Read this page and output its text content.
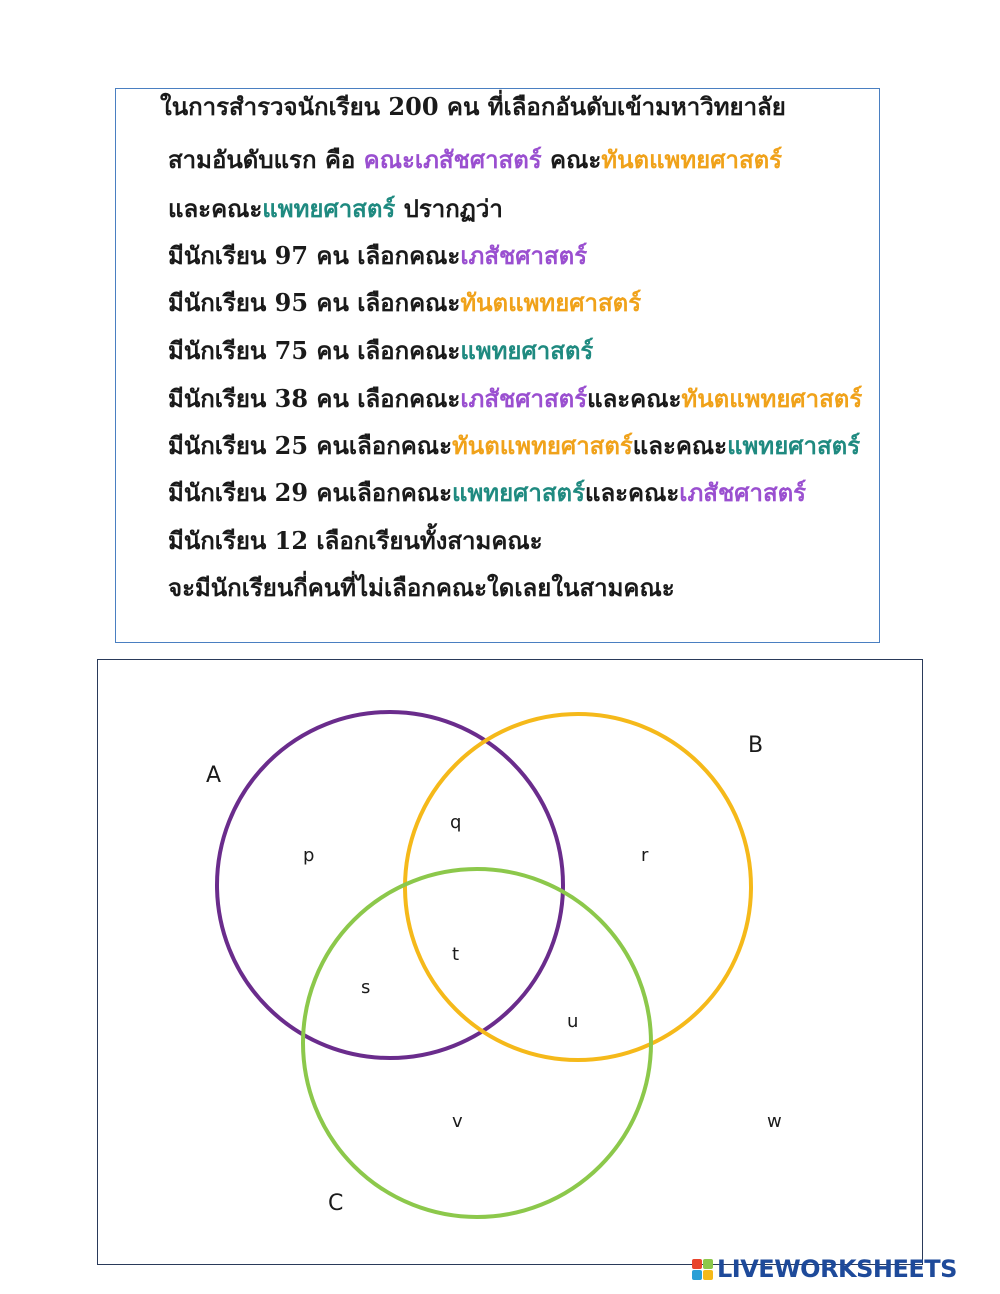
ในการสำรวจนักเรียน 200 คน ที่เลือกอันดับเข้ามหาวิทยาลัย
สามอันดับแรก คือ คณะเภสัชศาสตร์ คณะทันตแพทยศาสตร์
และคณะแพทยศาสตร์ ปรากฏว่า
มีนักเรียน 97 คน เลือกคณะเภสัชศาสตร์
มีนักเรียน 95 คน เลือกคณะทันตแพทยศาสตร์
มีนักเรียน 75 คน เลือกคณะแพทยศาสตร์
มีนักเรียน 38 คน เลือกคณะเภสัชศาสตร์และคณะทันตแพทยศาสตร์
มีนักเรียน 25 คนเลือกคณะทันตแพทยศาสตร์และคณะแพทยศาสตร์
มีนักเรียน 29 คนเลือกคณะแพทยศาสตร์และคณะเภสัชศาสตร์
มีนักเรียน 12 เลือกเรียนทั้งสามคณะ
จะมีนักเรียนกี่คนที่ไม่เลือกคณะใดเลยในสามคณะ
A
B
C
p
q
r
s
t
u
v	w
LIVEWORKSHEETS
